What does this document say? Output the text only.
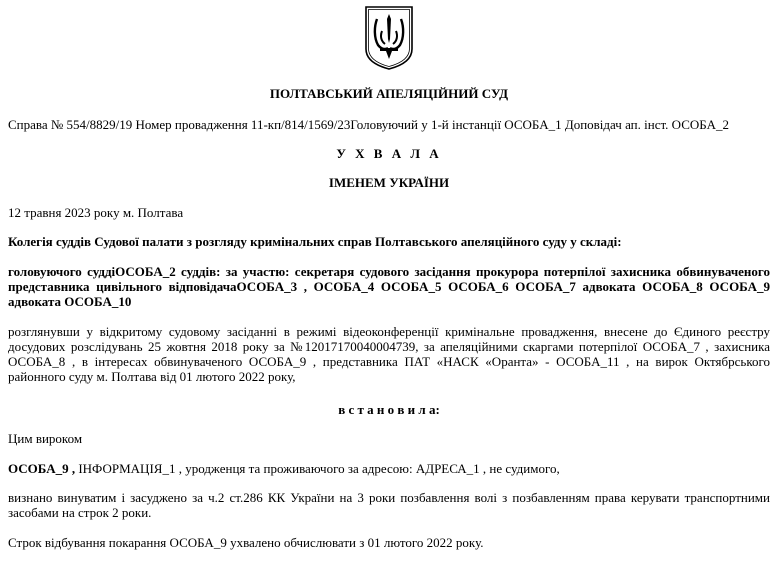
ПОЛТАВСЬКИЙ АПЕЛЯЦІЙНИЙ СУД
Справа № 554/8829/19 Номер провадження 11-кп/814/1569/23Головуючий у 1-й інстанції ОСОБА_1 Доповідач ап. інст. ОСОБА_2
У Х В А Л А
ІМЕНЕМ УКРАЇНИ
12 травня 2023 року м. Полтава
Колегія суддів Судової палати з розгляду кримінальних справ Полтавського апеляційного суду у складі:
головуючого суддіОСОБА_2 суддів: за участю: секретаря судового засідання прокурора потерпілої захисника обвинуваченого представника цивільного відповідачаОСОБА_3 , ОСОБА_4 ОСОБА_5 ОСОБА_6 ОСОБА_7 адвоката ОСОБА_8 ОСОБА_9 адвоката ОСОБА_10
розглянувши у відкритому судовому засіданні в режимі відеоконференції кримінальне провадження, внесене до Єдиного реєстру досудових розслідувань 25 жовтня 2018 року за №12017170040004739, за апеляційними скаргами потерпілої ОСОБА_7 , захисника ОСОБА_8 , в інтересах обвинуваченого ОСОБА_9 , представника ПАТ «НАСК «Оранта» - ОСОБА_11 , на вирок Октябрського районного суду м. Полтава від 01 лютого 2022 року,
в с т а н о в и л а:
Цим вироком
ОСОБА_9 , ІНФОРМАЦІЯ_1 , уродженця та проживаючого за адресою: АДРЕСА_1 , не судимого,
визнано винуватим і засуджено за ч.2 ст.286 КК України на 3 роки позбавлення волі з позбавленням права керувати транспортними засобами на строк 2 роки.
Строк відбування покарання ОСОБА_9 ухвалено обчислювати з 01 лютого 2022 року.
